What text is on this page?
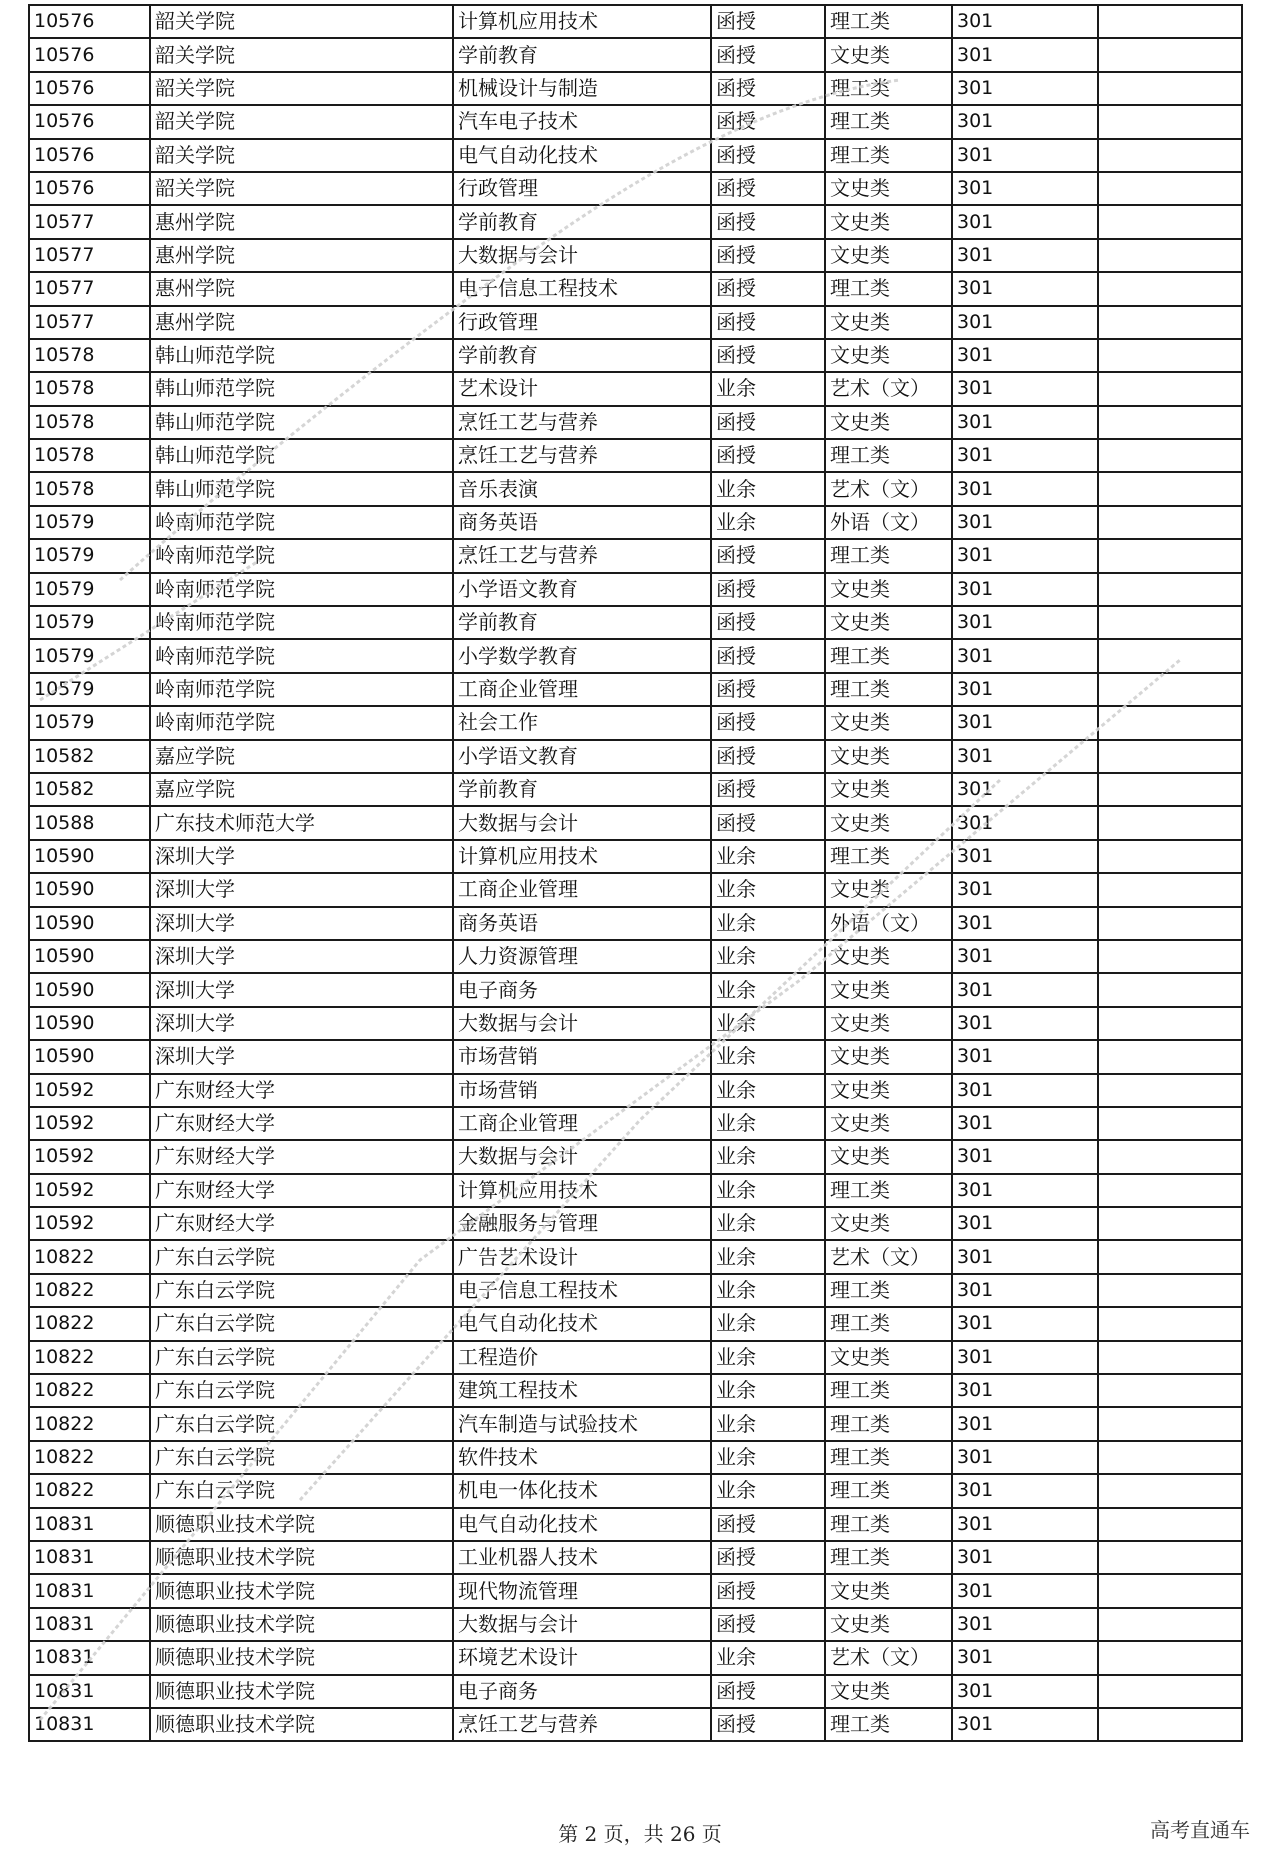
10576	韶关学院	计算机应用技术	函授	理工类	301	
10576	韶关学院	学前教育	函授	文史类	301	
10576	韶关学院	机械设计与制造	函授	理工类	301	
10576	韶关学院	汽车电子技术	函授	理工类	301	
10576	韶关学院	电气自动化技术	函授	理工类	301	
10576	韶关学院	行政管理	函授	文史类	301	
10577	惠州学院	学前教育	函授	文史类	301	
10577	惠州学院	大数据与会计	函授	文史类	301	
10577	惠州学院	电子信息工程技术	函授	理工类	301	
10577	惠州学院	行政管理	函授	文史类	301	
10578	韩山师范学院	学前教育	函授	文史类	301	
10578	韩山师范学院	艺术设计	业余	艺术（文）	301	
10578	韩山师范学院	烹饪工艺与营养	函授	文史类	301	
10578	韩山师范学院	烹饪工艺与营养	函授	理工类	301	
10578	韩山师范学院	音乐表演	业余	艺术（文）	301	
10579	岭南师范学院	商务英语	业余	外语（文）	301	
10579	岭南师范学院	烹饪工艺与营养	函授	理工类	301	
10579	岭南师范学院	小学语文教育	函授	文史类	301	
10579	岭南师范学院	学前教育	函授	文史类	301	
10579	岭南师范学院	小学数学教育	函授	理工类	301	
10579	岭南师范学院	工商企业管理	函授	理工类	301	
10579	岭南师范学院	社会工作	函授	文史类	301	
10582	嘉应学院	小学语文教育	函授	文史类	301	
10582	嘉应学院	学前教育	函授	文史类	301	
10588	广东技术师范大学	大数据与会计	函授	文史类	301	
10590	深圳大学	计算机应用技术	业余	理工类	301	
10590	深圳大学	工商企业管理	业余	文史类	301	
10590	深圳大学	商务英语	业余	外语（文）	301	
10590	深圳大学	人力资源管理	业余	文史类	301	
10590	深圳大学	电子商务	业余	文史类	301	
10590	深圳大学	大数据与会计	业余	文史类	301	
10590	深圳大学	市场营销	业余	文史类	301	
10592	广东财经大学	市场营销	业余	文史类	301	
10592	广东财经大学	工商企业管理	业余	文史类	301	
10592	广东财经大学	大数据与会计	业余	文史类	301	
10592	广东财经大学	计算机应用技术	业余	理工类	301	
10592	广东财经大学	金融服务与管理	业余	文史类	301	
10822	广东白云学院	广告艺术设计	业余	艺术（文）	301	
10822	广东白云学院	电子信息工程技术	业余	理工类	301	
10822	广东白云学院	电气自动化技术	业余	理工类	301	
10822	广东白云学院	工程造价	业余	文史类	301	
10822	广东白云学院	建筑工程技术	业余	理工类	301	
10822	广东白云学院	汽车制造与试验技术	业余	理工类	301	
10822	广东白云学院	软件技术	业余	理工类	301	
10822	广东白云学院	机电一体化技术	业余	理工类	301	
10831	顺德职业技术学院	电气自动化技术	函授	理工类	301	
10831	顺德职业技术学院	工业机器人技术	函授	理工类	301	
10831	顺德职业技术学院	现代物流管理	函授	文史类	301	
10831	顺德职业技术学院	大数据与会计	函授	文史类	301	
10831	顺德职业技术学院	环境艺术设计	业余	艺术（文）	301	
10831	顺德职业技术学院	电子商务	函授	文史类	301	
10831	顺德职业技术学院	烹饪工艺与营养	函授	理工类	301	
第 2 页，共 26 页	高考直通车
